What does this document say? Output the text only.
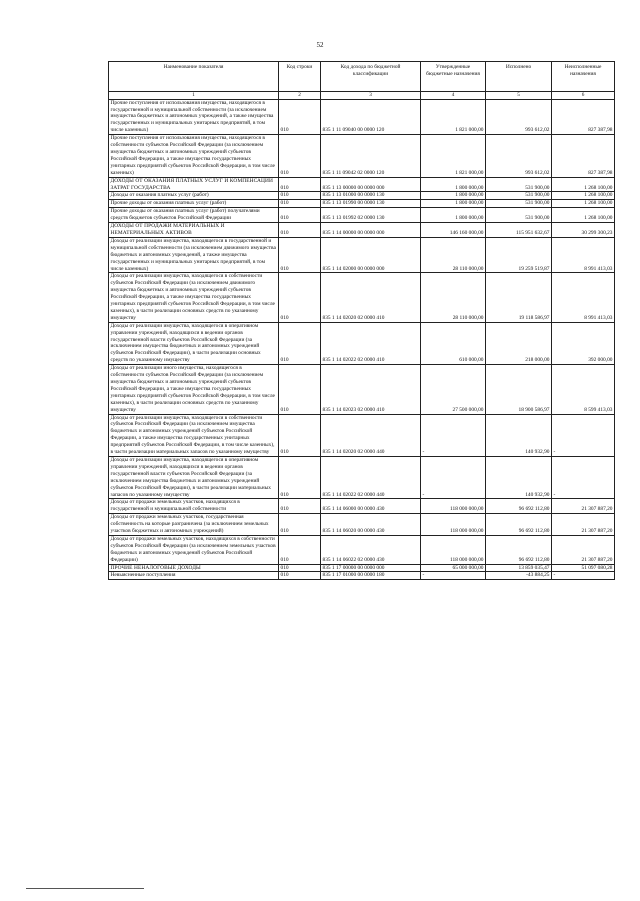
52
Наименование показателя	Код строки	Код дохода по бюджетной классификации	Утвержденные бюджетные назначения	Исполнено	Неисполненные назначения
1	2	3	4	5	6
Прочие поступления от использования имущества, находящегося в государственной и муниципальной собственности (за исключением имущества бюджетных и автономных учреждений, а также имущества государственных и муниципальных унитарных предприятий, в том числе казенных)	010	835 1 11 09040 00 0000 120	1 821 000,00	993 612,02	827 387,98
Прочие поступления от использования имущества, находящегося в собственности субъектов Российской Федерации (за исключением имущества бюджетных и автономных учреждений субъектов Российской Федерации, а также имущества государственных унитарных предприятий субъектов Российской Федерации, в том числе казенных)	010	835 1 11 09042 02 0000 120	1 821 000,00	993 612,02	827 387,98
ДОХОДЫ ОТ ОКАЗАНИЯ ПЛАТНЫХ УСЛУГ И КОМПЕНСАЦИИ ЗАТРАТ ГОСУДАРСТВА	010	835 1 13 00000 00 0000 000	1 800 000,00	531 900,00	1 268 100,00
Доходы от оказания платных услуг (работ)	010	835 1 13 01000 00 0000 130	1 800 000,00	531 900,00	1 268 100,00
Прочие доходы от оказания платных услуг (работ)	010	835 1 13 01990 00 0000 130	1 800 000,00	531 900,00	1 268 100,00
Прочие доходы от оказания платных услуг (работ) получателями средств бюджетов субъектов Российской Федерации	010	835 1 13 01992 02 0000 130	1 800 000,00	531 900,00	1 268 100,00
ДОХОДЫ ОТ ПРОДАЖИ МАТЕРИАЛЬНЫХ И НЕМАТЕРИАЛЬНЫХ АКТИВОВ	010	835 1 14 00000 00 0000 000	146 160 000,00	115 951 632,67	30 299 300,23
Доходы от реализации имущества, находящегося в государственной и муниципальной собственности (за исключением движимого имущества бюджетных и автономных учреждений, а также имущества государственных и муниципальных унитарных предприятий, в том числе казенных)	010	835 1 14 02000 00 0000 000	28 110 000,00	19 259 519,87	8 991 413,03
Доходы от реализации имущества, находящегося в собственности субъектов Российской Федерации (за исключением движимого имущества бюджетных и автономных учреждений субъектов Российской Федерации, а также имущества государственных унитарных предприятий субъектов Российской Федерации, в том числе казенных), в части реализации основных средств по указанному имуществу	010	835 1 14 02020 02 0000 410	28 110 000,00	19 118 586,97	8 991 413,03
Доходы от реализации имущества, находящегося в оперативном управлении учреждений, находящихся в ведении органов государственной власти субъектов Российской Федерации (за исключением имущества бюджетных и автономных учреждений субъектов Российской Федерации), в части реализации основных средств по указанному имуществу	010	835 1 14 02022 02 0000 410	610 000,00	218 000,00	392 000,00
Доходы от реализации иного имущества, находящегося в собственности субъектов Российской Федерации (за исключением имущества бюджетных и автономных учреждений субъектов Российской Федерации, а также имущества государственных унитарных предприятий субъектов Российской Федерации, в том числе казенных), в части реализации основных средств по указанному имуществу	010	835 1 14 02023 02 0000 410	27 500 000,00	18 900 586,97	8 599 413,03
Доходы от реализации имущества, находящегося в собственности субъектов Российской Федерации (за исключением имущества бюджетных и автономных учреждений субъектов Российской Федерации, а также имущества государственных унитарных предприятий субъектов Российской Федерации, в том числе казенных), в части реализации материальных запасов по указанному имуществу	010	835 1 14 02020 02 0000 440	-	140 932,90	-
Доходы от реализации имущества, находящегося в оперативном управлении учреждений, находящихся в ведении органов государственной власти субъектов Российской Федерации (за исключением имущества бюджетных и автономных учреждений субъектов Российской Федерации), в части реализации материальных запасов по указанному имуществу	010	835 1 14 02022 02 0000 440	-	140 932,90	-
Доходы от продажи земельных участков, находящихся в государственной и муниципальной собственности	010	835 1 14 06000 00 0000 430	118 000 000,00	96 692 112,80	21 307 887,20
Доходы от продажи земельных участков, государственная собственность на которые разграничена (за исключением земельных участков бюджетных и автономных учреждений)	010	835 1 14 06020 00 0000 430	118 000 000,00	96 692 112,80	21 307 887,20
Доходы от продажи земельных участков, находящихся в собственности субъектов Российской Федерации (за исключением земельных участков бюджетных и автономных учреждений субъектов Российской Федерации)	010	835 1 14 06022 02 0000 430	118 000 000,00	96 692 112,80	21 307 887,20
ПРОЧИЕ НЕНАЛОГОВЫЕ ДОХОДЫ	010	835 1 17 00000 00 0000 000	65 000 000,00	13 859 035,47	51 097 080,28
Невыясненные поступления	010	835 1 17 01000 00 0000 180	-	-43 884,25	-
